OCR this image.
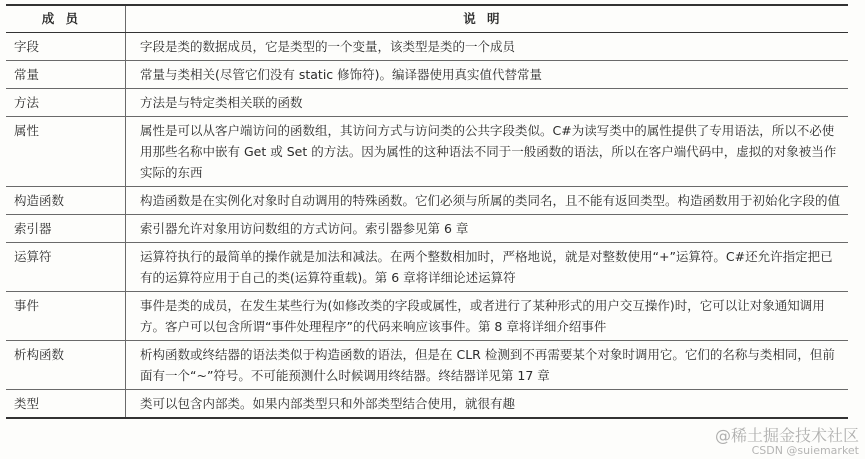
成员	说明
字段	字段是类的数据成员，它是类型的一个变量，该类型是类的一个成员
常量	常量与类相关(尽管它们没有 static 修饰符)。编译器使用真实值代替常量
方法	方法是与特定类相关联的函数
属性	属性是可以从客户端访问的函数组，其访问方式与访问类的公共字段类似。C#为读写类中的属性提供了专用语法，所以不必使用那些名称中嵌有 Get 或 Set 的方法。因为属性的这种语法不同于一般函数的语法，所以在客户端代码中，虚拟的对象被当作实际的东西
构造函数	构造函数是在实例化对象时自动调用的特殊函数。它们必须与所属的类同名，且不能有返回类型。构造函数用于初始化字段的值
索引器	索引器允许对象用访问数组的方式访问。索引器参见第 6 章
运算符	运算符执行的最简单的操作就是加法和减法。在两个整数相加时，严格地说，就是对整数使用“+”运算符。C#还允许指定把已有的运算符应用于自己的类(运算符重载)。第 6 章将详细论述运算符
事件	事件是类的成员，在发生某些行为(如修改类的字段或属性，或者进行了某种形式的用户交互操作)时，它可以让对象通知调用方。客户可以包含所谓“事件处理程序”的代码来响应该事件。第 8 章将详细介绍事件
析构函数	析构函数或终结器的语法类似于构造函数的语法，但是在 CLR 检测到不再需要某个对象时调用它。它们的名称与类相同，但前面有一个“~”符号。不可能预测什么时候调用终结器。终结器详见第 17 章
类型	类可以包含内部类。如果内部类型只和外部类型结合使用，就很有趣
@稀土掘金技术社区
CSDN @suiemarket
